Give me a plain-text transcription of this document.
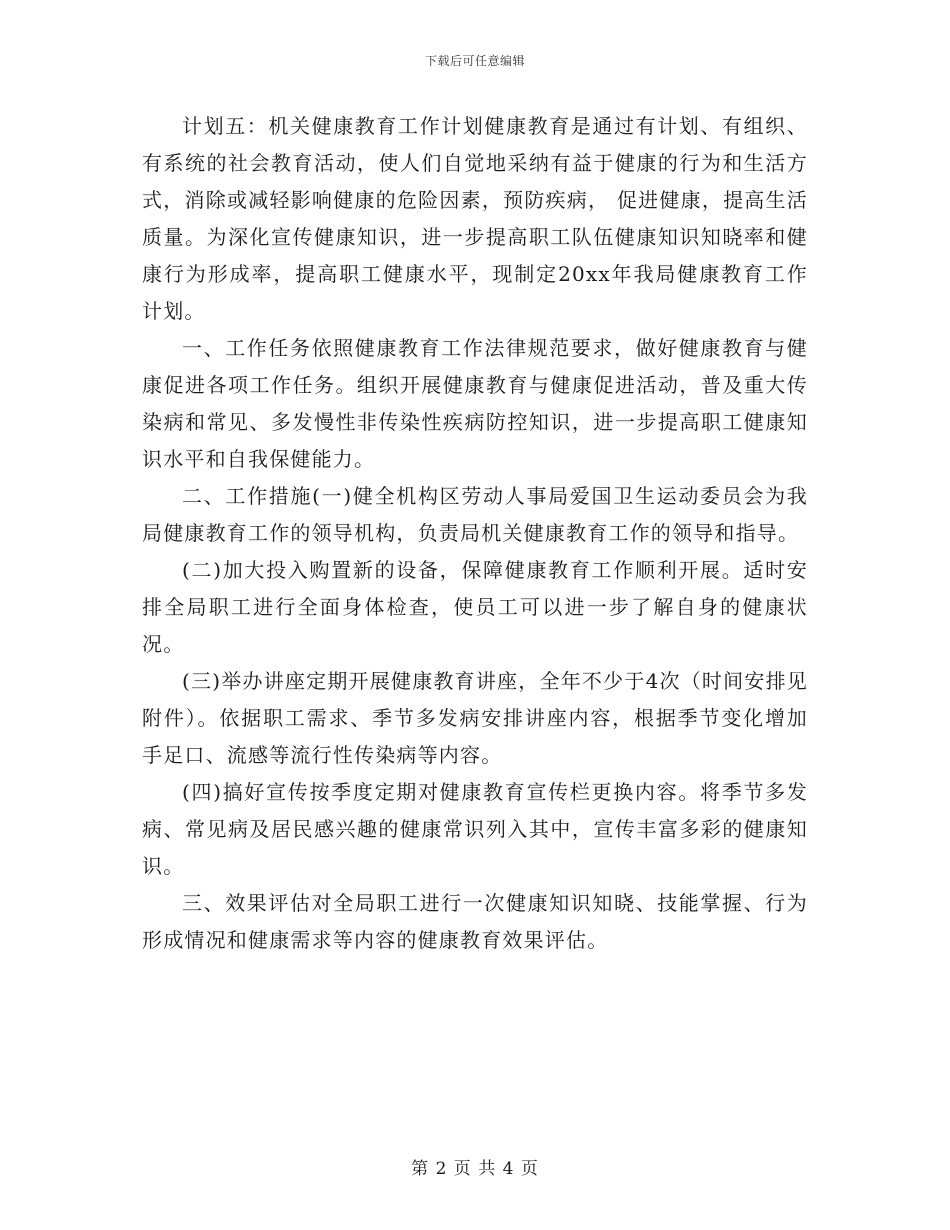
下载后可任意编辑

计划五：机关健康教育工作计划健康教育是通过有计划、有组织、有系统的社会教育活动，使人们自觉地采纳有益于健康的行为和生活方式，消除或减轻影响健康的危险因素，预防疾病， 促进健康，提高生活质量。为深化宣传健康知识，进一步提高职工队伍健康知识知晓率和健康行为形成率，提高职工健康水平，现制定20xx年我局健康教育工作 计划。

一、工作任务依照健康教育工作法律规范要求，做好健康教育与健康促进各项工作任务。组织开展健康教育与健康促进活动，普及重大传染病和常见、多发慢性非传染性疾病防控知识，进一步提高职工健康知识水平和自我保健能力。

二、工作措施(一)健全机构区劳动人事局爱国卫生运动委员会为我局健康教育工作的领导机构，负责局机关健康教育工作的领导和指导。

(二)加大投入购置新的设备，保障健康教育工作顺利开展。适时安排全局职工进行全面身体检查，使员工可以进一步了解自身的健康状况。

(三)举办讲座定期开展健康教育讲座，全年不少于4次（时间安排见附件）。依据职工需求、季节多发病安排讲座内容，根据季节变化增加手足口、流感等流行性传染病等内容。

(四)搞好宣传按季度定期对健康教育宣传栏更换内容。将季节多发病、常见病及居民感兴趣的健康常识列入其中，宣传丰富多彩的健康知识。

三、效果评估对全局职工进行一次健康知识知晓、技能掌握、行为形成情况和健康需求等内容的健康教育效果评估。

第 2 页 共 4 页
